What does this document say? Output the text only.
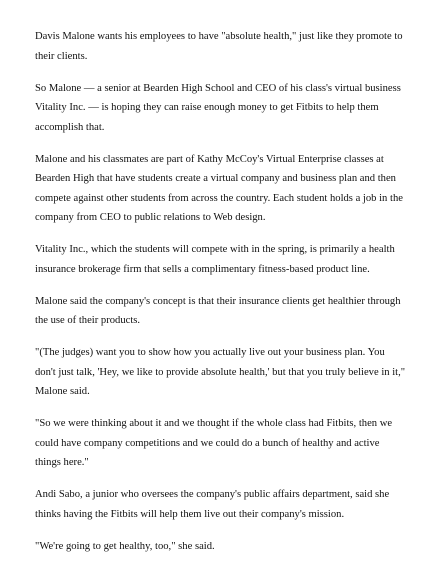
Davis Malone wants his employees to have "absolute health," just like they promote to their clients.

So Malone — a senior at Bearden High School and CEO of his class's virtual business Vitality Inc. — is hoping they can raise enough money to get Fitbits to help them accomplish that.

Malone and his classmates are part of Kathy McCoy's Virtual Enterprise classes at Bearden High that have students create a virtual company and business plan and then compete against other students from across the country. Each student holds a job in the company from CEO to public relations to Web design.

Vitality Inc., which the students will compete with in the spring, is primarily a health insurance brokerage firm that sells a complimentary fitness-based product line.

Malone said the company's concept is that their insurance clients get healthier through the use of their products.

"(The judges) want you to show how you actually live out your business plan. You don't just talk, 'Hey, we like to provide absolute health,' but that you truly believe in it," Malone said.

"So we were thinking about it and we thought if the whole class had Fitbits, then we could have company competitions and we could do a bunch of healthy and active things here."

Andi Sabo, a junior who oversees the company's public affairs department, said she thinks having the Fitbits will help them live out their company's mission.

"We're going to get healthy, too," she said.
